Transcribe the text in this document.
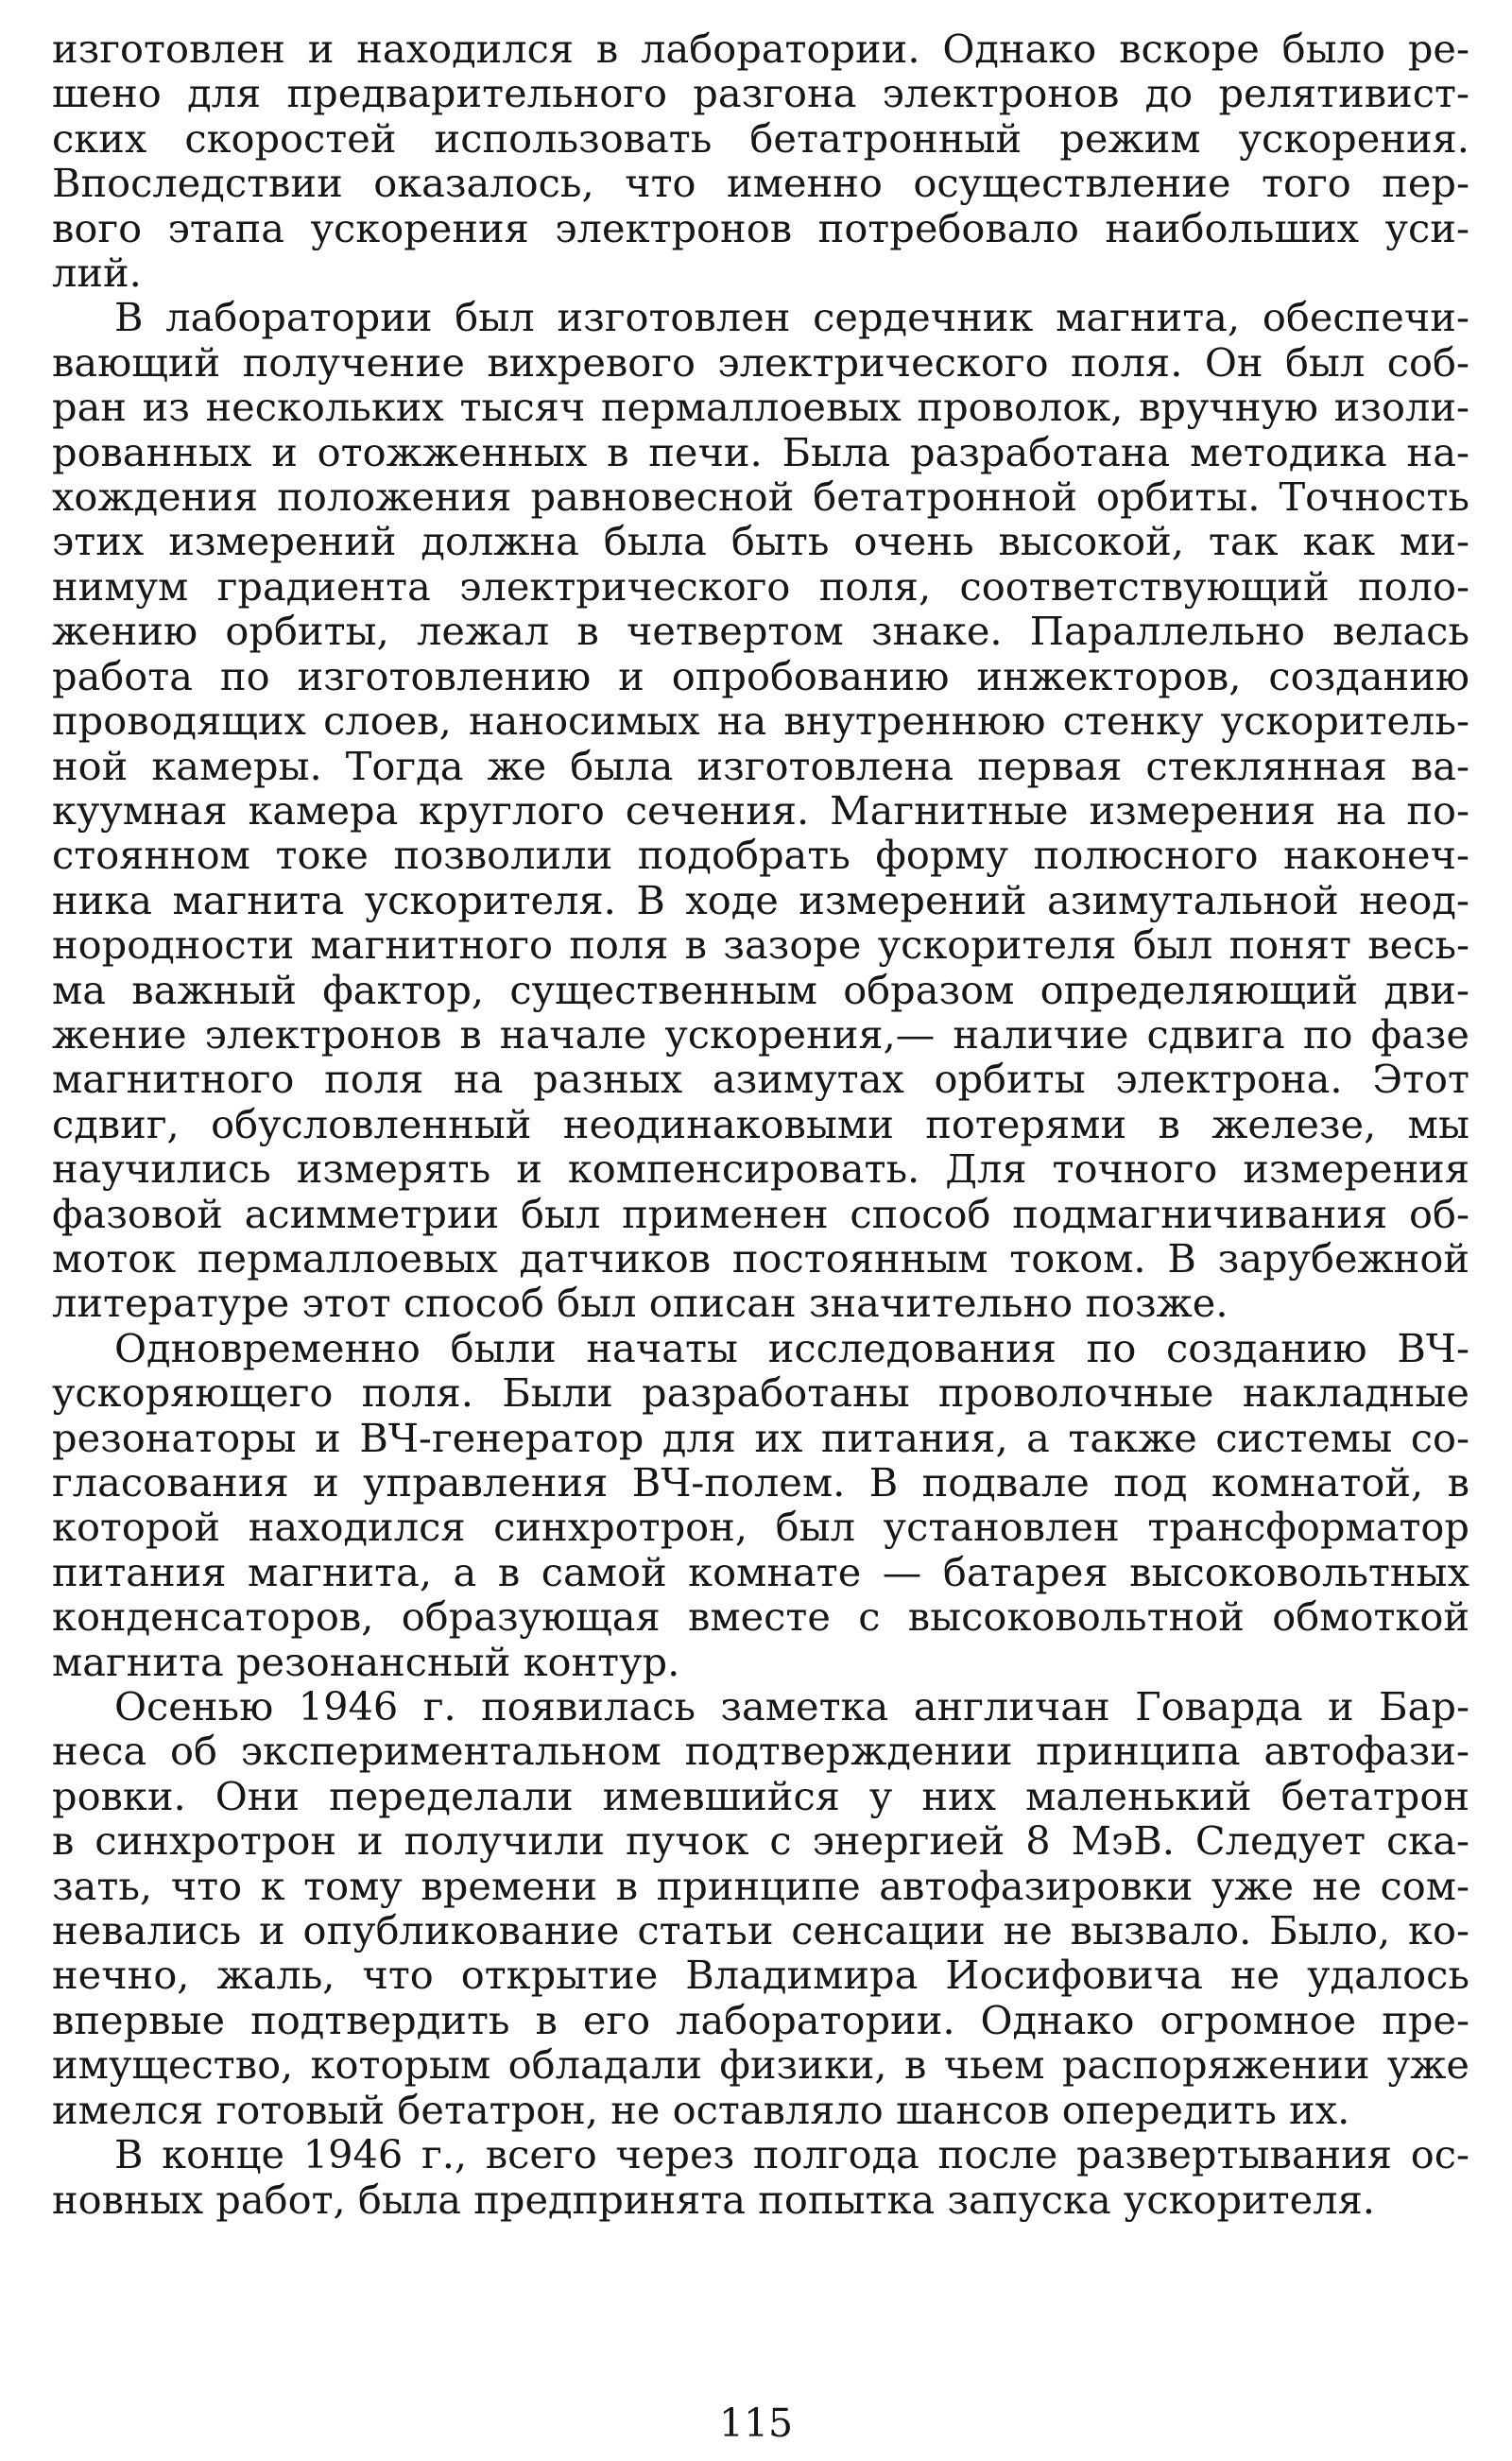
изготовлен и находился в лаборатории. Однако вскоре было ре-
шено для предварительного разгона электронов до релятивист-
ских скоростей использовать бетатронный режим ускорения.
Впоследствии оказалось, что именно осуществление того пер-
вого этапа ускорения электронов потребовало наибольших уси-
лий.
В лаборатории был изготовлен сердечник магнита, обеспечи-
вающий получение вихревого электрического поля. Он был соб-
ран из нескольких тысяч пермаллоевых проволок, вручную изоли-
рованных и отожженных в печи. Была разработана методика на-
хождения положения равновесной бетатронной орбиты. Точность
этих измерений должна была быть очень высокой, так как ми-
нимум градиента электрического поля, соответствующий поло-
жению орбиты, лежал в четвертом знаке. Параллельно велась
работа по изготовлению и опробованию инжекторов, созданию
проводящих слоев, наносимых на внутреннюю стенку ускоритель-
ной камеры. Тогда же была изготовлена первая стеклянная ва-
куумная камера круглого сечения. Магнитные измерения на по-
стоянном токе позволили подобрать форму полюсного наконеч-
ника магнита ускорителя. В ходе измерений азимутальной неод-
нородности магнитного поля в зазоре ускорителя был понят весь-
ма важный фактор, существенным образом определяющий дви-
жение электронов в начале ускорения,— наличие сдвига по фазе
магнитного поля на разных азимутах орбиты электрона. Этот
сдвиг, обусловленный неодинаковыми потерями в железе, мы
научились измерять и компенсировать. Для точного измерения
фазовой асимметрии был применен способ подмагничивания об-
моток пермаллоевых датчиков постоянным током. В зарубежной
литературе этот способ был описан значительно позже.
Одновременно были начаты исследования по созданию ВЧ-
ускоряющего поля. Были разработаны проволочные накладные
резонаторы и ВЧ-генератор для их питания, а также системы со-
гласования и управления ВЧ-полем. В подвале под комнатой, в
которой находился синхротрон, был установлен трансформатор
питания магнита, а в самой комнате — батарея высоковольтных
конденсаторов, образующая вместе с высоковольтной обмоткой
магнита резонансный контур.
Осенью 1946 г. появилась заметка англичан Говарда и Бар-
неса об экспериментальном подтверждении принципа автофази-
ровки. Они переделали имевшийся у них маленький бетатрон
в синхротрон и получили пучок с энергией 8 МэВ. Следует ска-
зать, что к тому времени в принципе автофазировки уже не сом-
невались и опубликование статьи сенсации не вызвало. Было, ко-
нечно, жаль, что открытие Владимира Иосифовича не удалось
впервые подтвердить в его лаборатории. Однако огромное пре-
имущество, которым обладали физики, в чьем распоряжении уже
имелся готовый бетатрон, не оставляло шансов опередить их.
В конце 1946 г., всего через полгода после развертывания ос-
новных работ, была предпринята попытка запуска ускорителя.
115
